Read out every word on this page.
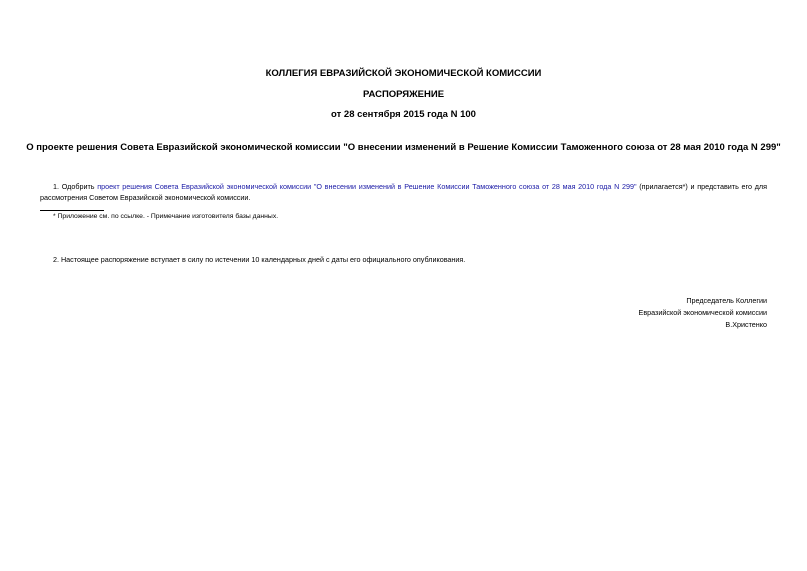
КОЛЛЕГИЯ ЕВРАЗИЙСКОЙ ЭКОНОМИЧЕСКОЙ КОМИССИИ
РАСПОРЯЖЕНИЕ
от 28 сентября 2015 года N 100
О проекте решения Совета Евразийской экономической комиссии "О внесении изменений в Решение Комиссии Таможенного союза от 28 мая 2010 года N 299"
1. Одобрить проект решения Совета Евразийской экономической комиссии "О внесении изменений в Решение Комиссии Таможенного союза от 28 мая 2010 года N 299" (прилагается*) и представить его для рассмотрения Советом Евразийской экономической комиссии.
* Приложение см. по ссылке. - Примечание изготовителя базы данных.
2. Настоящее распоряжение вступает в силу по истечении 10 календарных дней с даты его официального опубликования.
Председатель Коллегии
Евразийской экономической комиссии
В.Христенко
